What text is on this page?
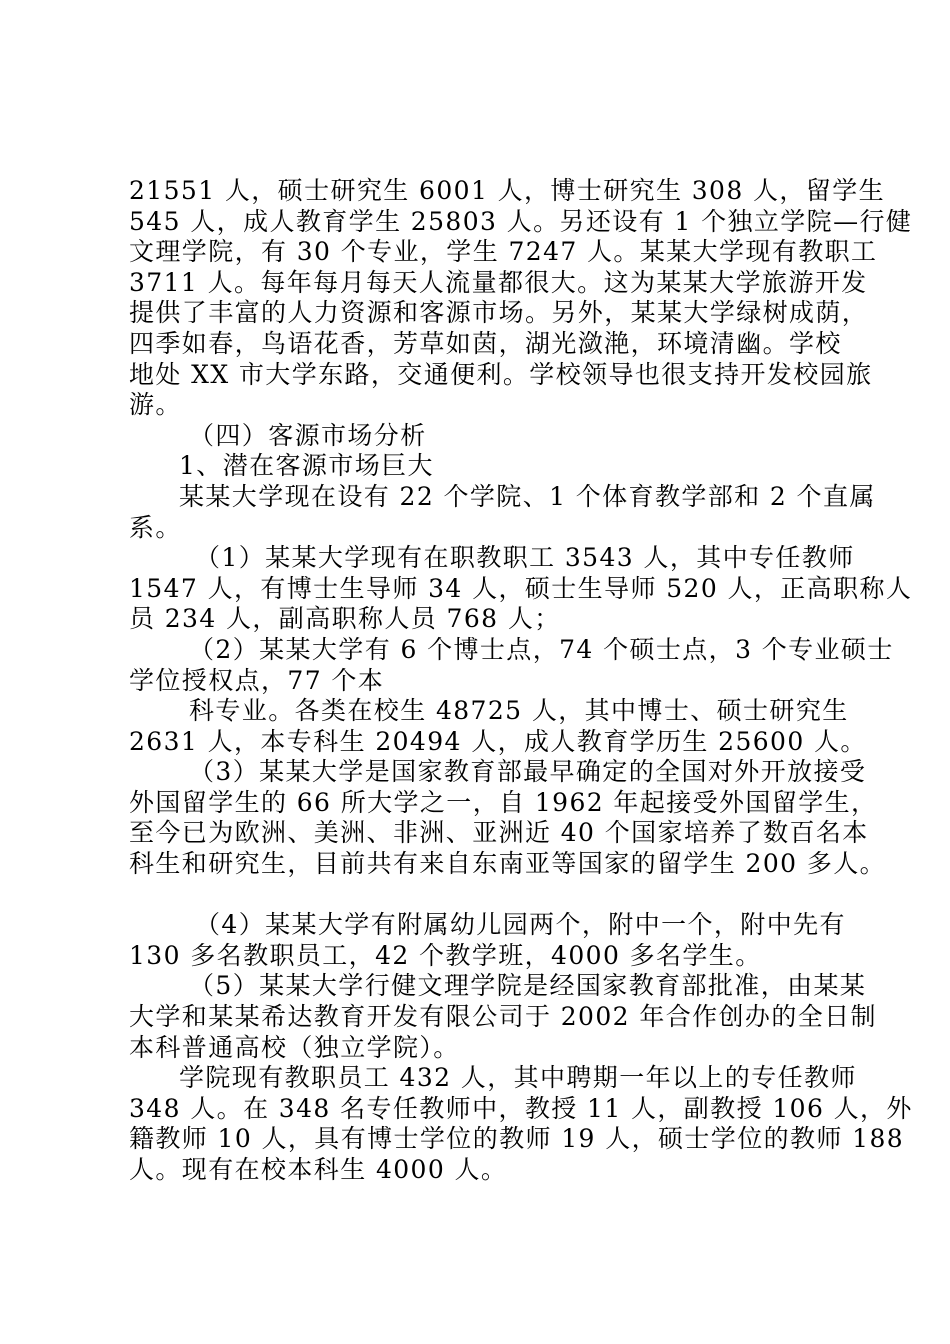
21551 人，硕士研究生 6001 人，博士研究生 308 人，留学生
545 人，成人教育学生 25803 人。另还设有 1 个独立学院—行健
文理学院，有 30 个专业，学生 7247 人。某某大学现有教职工
3711 人。每年每月每天人流量都很大。这为某某大学旅游开发
提供了丰富的人力资源和客源市场。另外，某某大学绿树成荫，
四季如春，鸟语花香，芳草如茵，湖光潋滟，环境清幽。学校
地处 XX 市大学东路，交通便利。学校领导也很支持开发校园旅
游。
（四）客源市场分析
1、潜在客源市场巨大
某某大学现在设有 22 个学院、1 个体育教学部和 2 个直属
系。
（1）某某大学现有在职教职工 3543 人，其中专任教师
1547 人，有博士生导师 34 人，硕士生导师 520 人，正高职称人
员 234 人，副高职称人员 768 人；
（2）某某大学有 6 个博士点，74 个硕士点，3 个专业硕士
学位授权点，77 个本
科专业。各类在校生 48725 人，其中博士、硕士研究生
2631 人，本专科生 20494 人，成人教育学历生 25600 人。
（3）某某大学是国家教育部最早确定的全国对外开放接受
外国留学生的 66 所大学之一，自 1962 年起接受外国留学生，
至今已为欧洲、美洲、非洲、亚洲近 40 个国家培养了数百名本
科生和研究生，目前共有来自东南亚等国家的留学生 200 多人。
（4）某某大学有附属幼儿园两个，附中一个，附中先有
130 多名教职员工，42 个教学班，4000 多名学生。
（5）某某大学行健文理学院是经国家教育部批准，由某某
大学和某某希达教育开发有限公司于 2002 年合作创办的全日制
本科普通高校（独立学院）。
学院现有教职员工 432 人，其中聘期一年以上的专任教师
348 人。在 348 名专任教师中，教授 11 人，副教授 106 人，外
籍教师 10 人，具有博士学位的教师 19 人，硕士学位的教师 188
人。现有在校本科生 4000 人。
